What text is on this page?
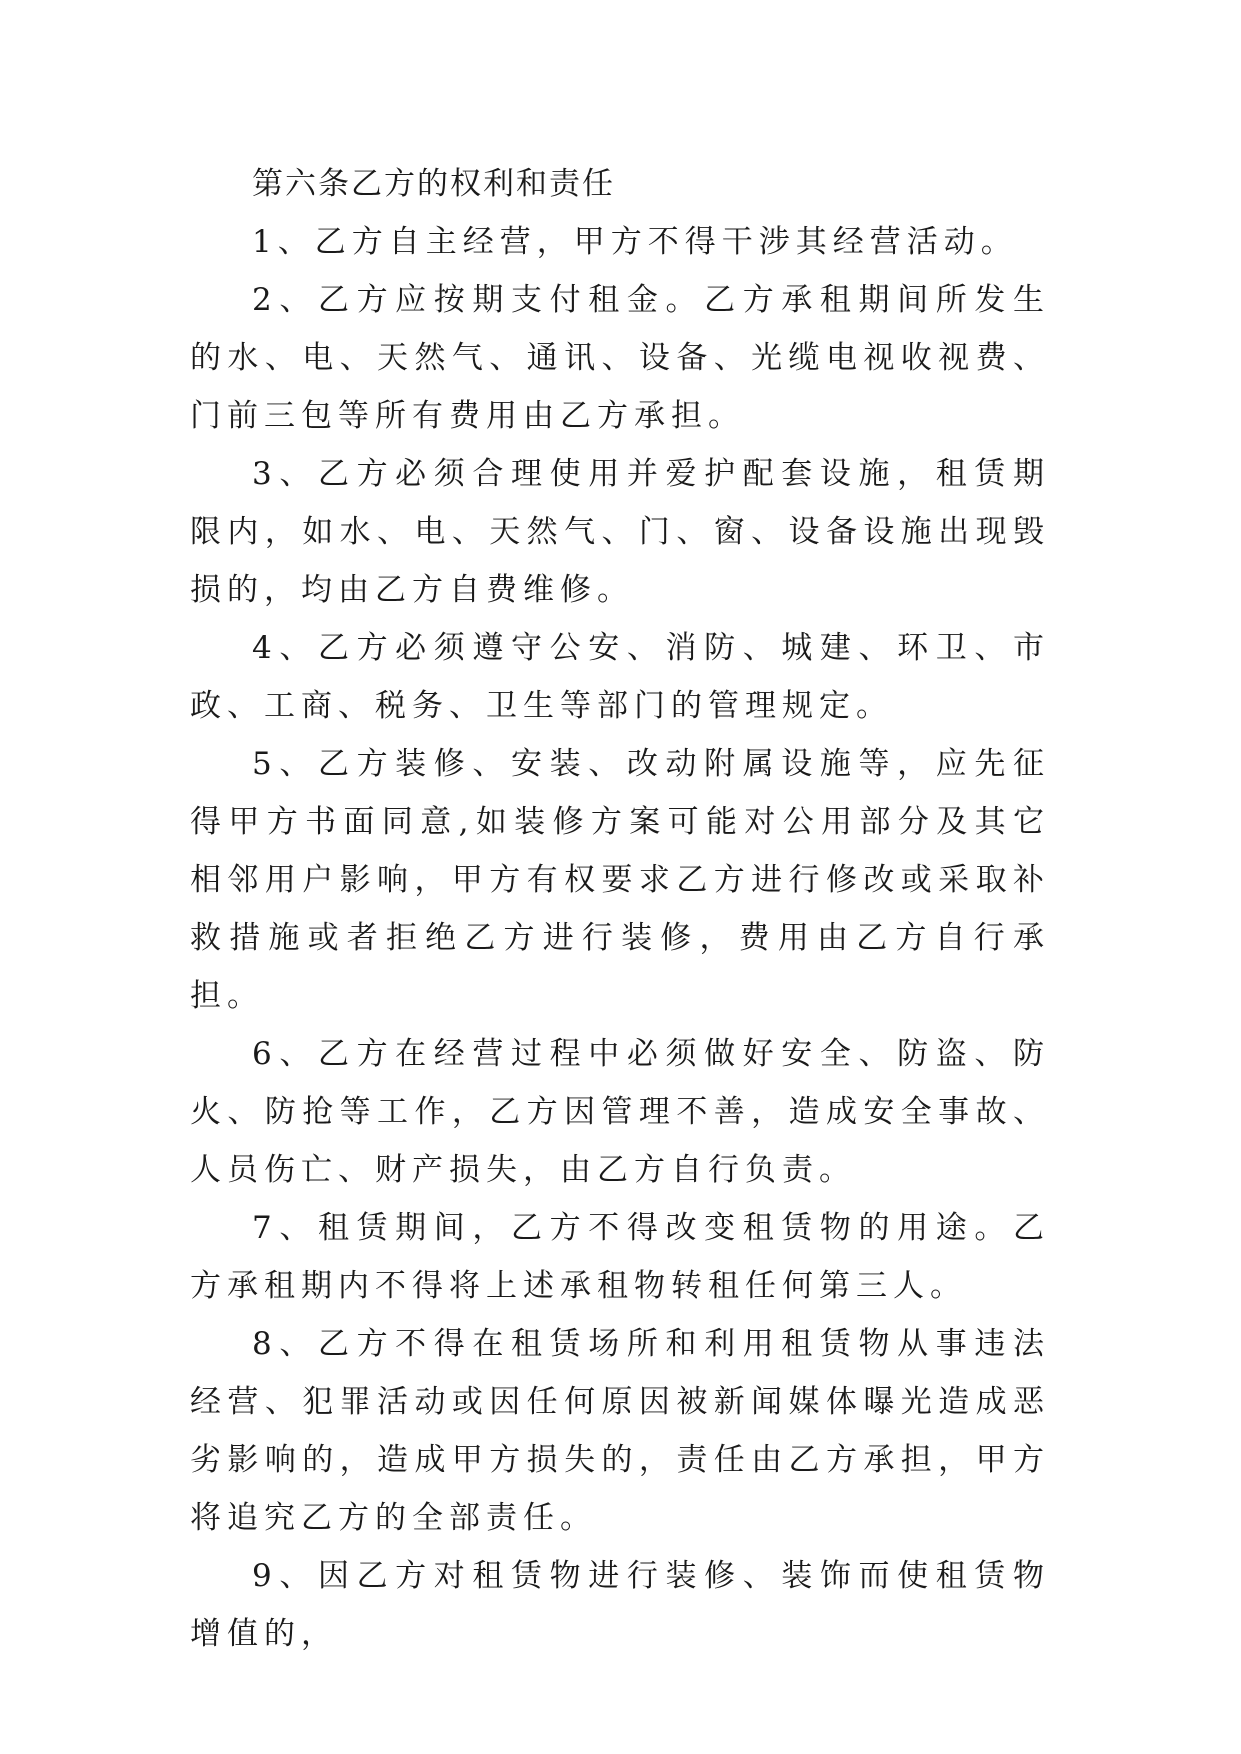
第六条乙方的权利和责任

1、乙方自主经营，甲方不得干涉其经营活动。

2、乙方应按期支付租金。乙方承租期间所发生的水、电、天然气、通讯、设备、光缆电视收视费、门前三包等所有费用由乙方承担。

3、乙方必须合理使用并爱护配套设施，租赁期限内，如水、电、天然气、门、窗、设备设施出现毁损的，均由乙方自费维修。

4、乙方必须遵守公安、消防、城建、环卫、市政、工商、税务、卫生等部门的管理规定。

5、乙方装修、安装、改动附属设施等，应先征得甲方书面同意,如装修方案可能对公用部分及其它相邻用户影响，甲方有权要求乙方进行修改或采取补救措施或者拒绝乙方进行装修，费用由乙方自行承担。

6、乙方在经营过程中必须做好安全、防盗、防火、防抢等工作，乙方因管理不善，造成安全事故、人员伤亡、财产损失，由乙方自行负责。

7、租赁期间，乙方不得改变租赁物的用途。乙方承租期内不得将上述承租物转租任何第三人。

8、乙方不得在租赁场所和利用租赁物从事违法经营、犯罪活动或因任何原因被新闻媒体曝光造成恶劣影响的，造成甲方损失的，责任由乙方承担，甲方将追究乙方的全部责任。

9、因乙方对租赁物进行装修、装饰而使租赁物增值的，
